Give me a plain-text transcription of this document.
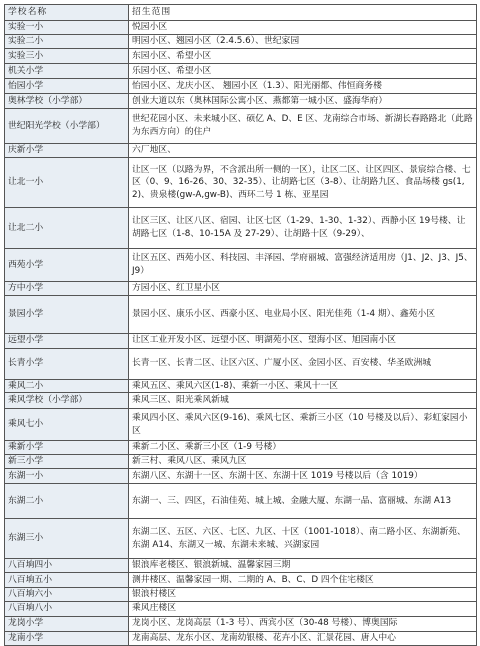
学校名称	招生范围
实验一小	悦园小区
实验二小	明园小区、翘园小区（2.4.5.6）、世纪家园
实验三小	东园小区、希望小区
机关小学	乐园小区、希望小区
怡园小学	怡园小区、龙庆小区、 翘园小区（1.3）、阳光丽都、伟恒商务楼
奥林学校（小学部）	创业大道以东（奥林国际公寓小区、燕都第一城小区、盛海华府）
世纪阳光学校（小学部）	世纪花园小区、未来城小区、硕亿 A、D、E 区、龙南综合市场、新湖长春路路北（此路为东西方向）的住户
庆新小学	六厂地区、
让北一小	让区一区（以路为界，不含派出所一侧的一区），让区二区、让区四区、景宸综合楼、七区（0、9、16-26、30、32-35）、让胡路七区（3-8）、让胡路九区、食品场楼 gs(1,2)、贵泉楼(gw-A,gw-B)、西环二号 1 栋、亚星园
让北二小	让区三区、让区八区、宿园、让区七区（1-29、1-30、1-32）、西静小区 19号楼、让胡路七区（1-8、10-15A 及 27-29）、让胡路十区（9-29）、
西苑小学	让区五区、西苑小区、科技园、丰泽园、学府丽城、富强经济适用房（J1、J2、J3、J5、J9）
方中小学	方园小区、红卫星小区
景园小学	景园小区、康乐小区、西豪小区、电业局小区、阳光佳苑（1-4 期）、鑫苑小区
远望小学	让区工业开发小区、远望小区、明湖苑小区、望海小区、旭园南小区
长青小学	长青一区、长青二区、让区六区、广厦小区、金园小区、百安楼、华圣欧洲城
乘风二小	乘风五区、乘风六区(1-8)、乘新一小区、乘风十一区
乘风学校（小学部）	乘风三区、阳光乘风新城
乘风七小	乘风四小区、乘风六区(9-16)、乘风七区、乘新三小区（10 号楼及以后）、彩虹家园小区
乘新小学	乘新二小区、乘新三小区（1-9 号楼）
新三小学	新三村、乘风八区、乘风九区
东湖一小	东湖八区、东湖十一区、东湖十区、东湖十区 1019 号楼以后（含 1019）
东湖二小	东湖一、三、四区，石油佳苑、城上城、金融大厦、东湖一品、富丽城、东湖 A13
东湖三小	东湖二区、五区、六区、七区、九区、十区（1001-1018）、南二路小区、东湖新苑、东湖 A14、东湖又一城、东湖未来城、兴湖家园
八百垧四小	银浪库老楼区、银浪新城、温馨家园三期
八百垧五小	测井楼区、温馨家园一期、二期的 A、B、C、D 四个住宅楼区
八百垧六小	银浪村楼区
八百垧八小	乘风庄楼区
龙岗小学	龙岗小区、龙岗高层（1-3 号）、西宾小区（30-48 号楼）、博奥国际
龙南小学	龙南高层、龙东小区、龙南幼银楼、花卉小区、汇景花园、唐人中心
